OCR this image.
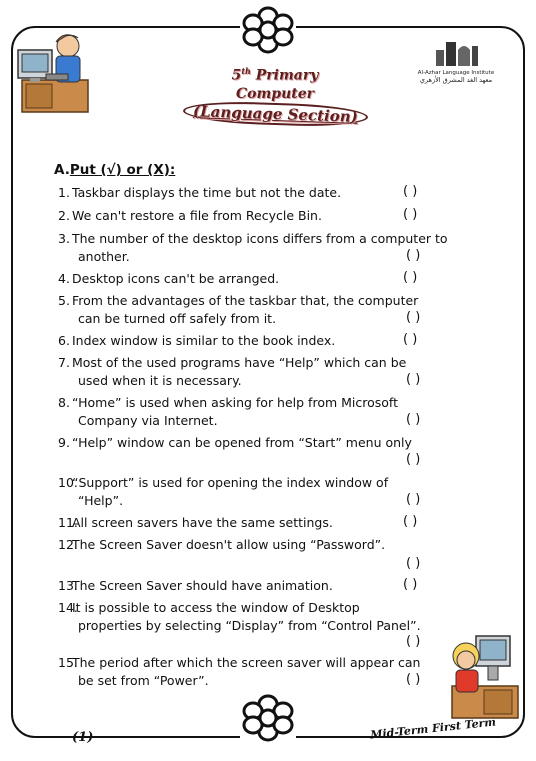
Al-Azhar Language Institute
معهد الغد المشرق الأزهري
5th Primary
Computer
(Language Section)
A.Put (√) or (X):
1. Taskbar displays the time but not the date.	( )
2. We can't restore a file from Recycle Bin.	( )
3. The number of the desktop icons differs from a computer to
another.	( )
4. Desktop icons can't be arranged.	( )
5. From the advantages of the taskbar that, the computer
can be turned off safely from it.	( )
6. Index window is similar to the book index.	( )
7. Most of the used programs have “Help” which can be
used when it is necessary.	( )
8. “Home” is used when asking for help from Microsoft
Company via Internet.	( )
9. “Help” window can be opened from “Start” menu only
( )
10.“Support” is used for opening the index window of
“Help”.	( )
11.All screen savers have the same settings.	( )
12.The Screen Saver doesn't allow using “Password”.
( )
13.The Screen Saver should have animation.	( )
14.It is possible to access the window of Desktop
properties by selecting “Display” from “Control Panel”.
( )
15.The period after which the screen saver will appear can
be set from “Power”.	( )
(1)	Mid-Term First Term
